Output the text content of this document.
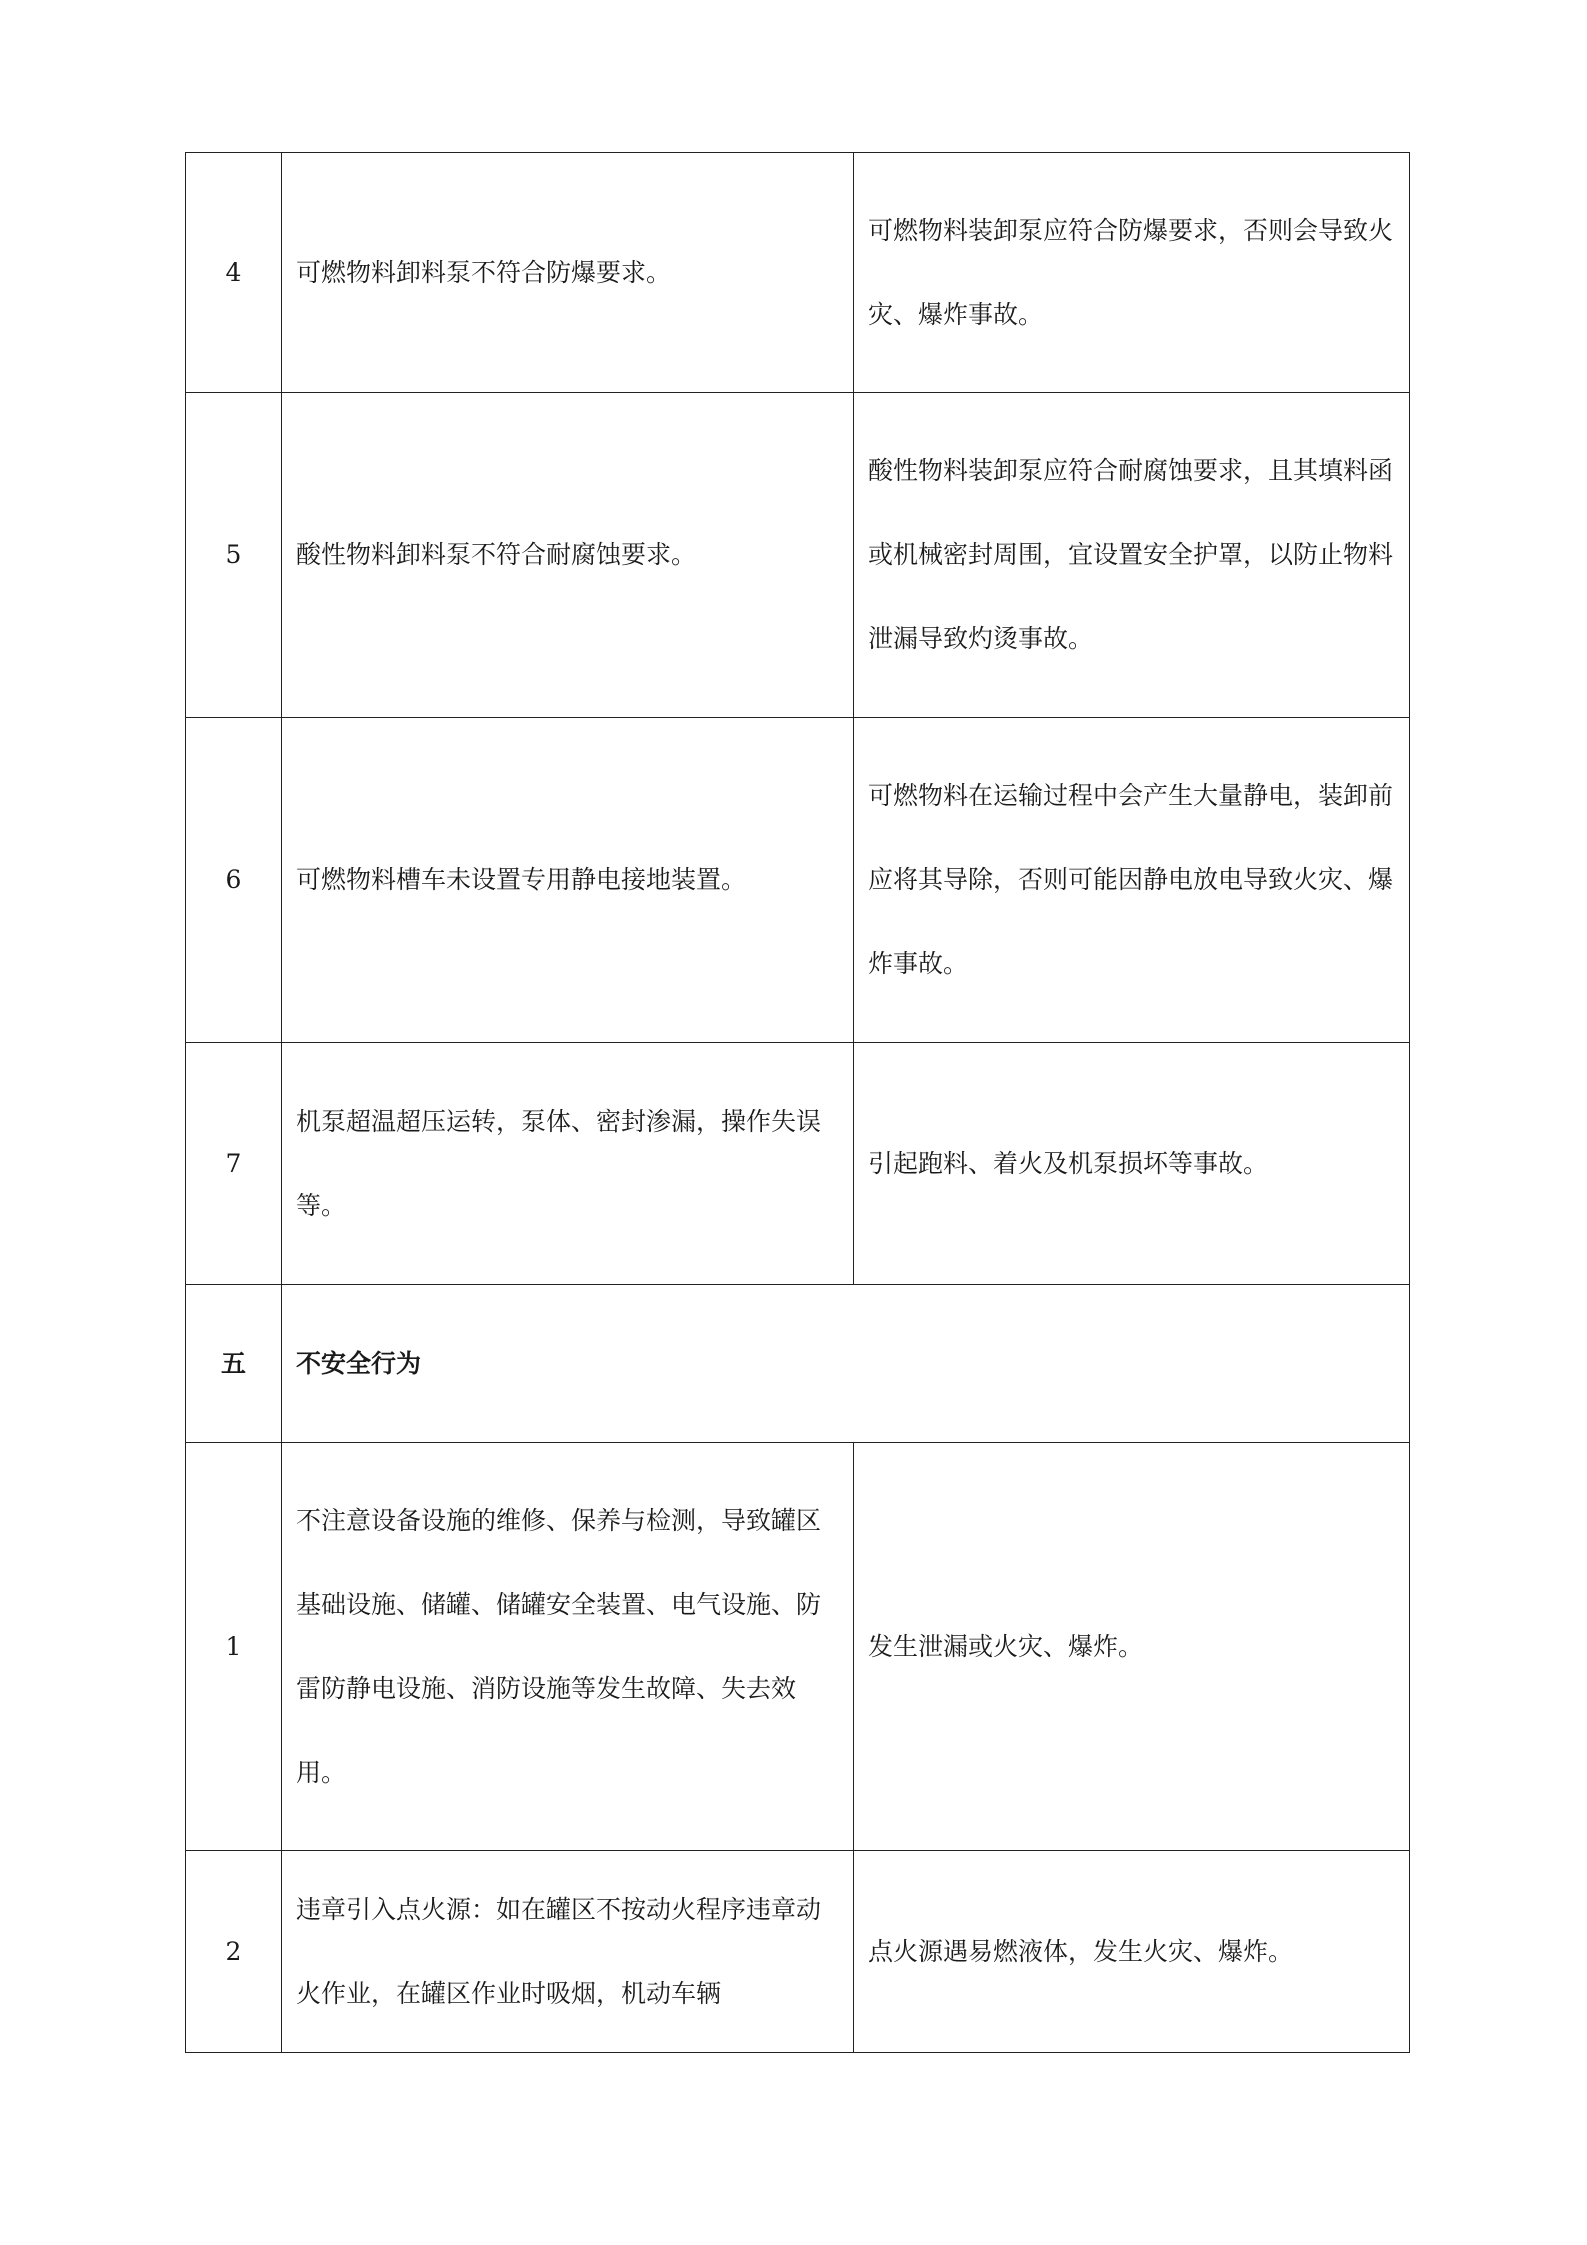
4	可燃物料卸料泵不符合防爆要求。	可燃物料装卸泵应符合防爆要求，否则会导致火灾、爆炸事故。
5	酸性物料卸料泵不符合耐腐蚀要求。	酸性物料装卸泵应符合耐腐蚀要求，且其填料函或机械密封周围，宜设置安全护罩，以防止物料泄漏导致灼烫事故。
6	可燃物料槽车未设置专用静电接地装置。	可燃物料在运输过程中会产生大量静电，装卸前应将其导除，否则可能因静电放电导致火灾、爆炸事故。
7	机泵超温超压运转，泵体、密封渗漏，操作失误等。	引起跑料、着火及机泵损坏等事故。
五	不安全行为	
1	不注意设备设施的维修、保养与检测，导致罐区基础设施、储罐、储罐安全装置、电气设施、防雷防静电设施、消防设施等发生故障、失去效用。	发生泄漏或火灾、爆炸。
2	违章引入点火源：如在罐区不按动火程序违章动火作业，在罐区作业时吸烟，机动车辆	点火源遇易燃液体，发生火灾、爆炸。
